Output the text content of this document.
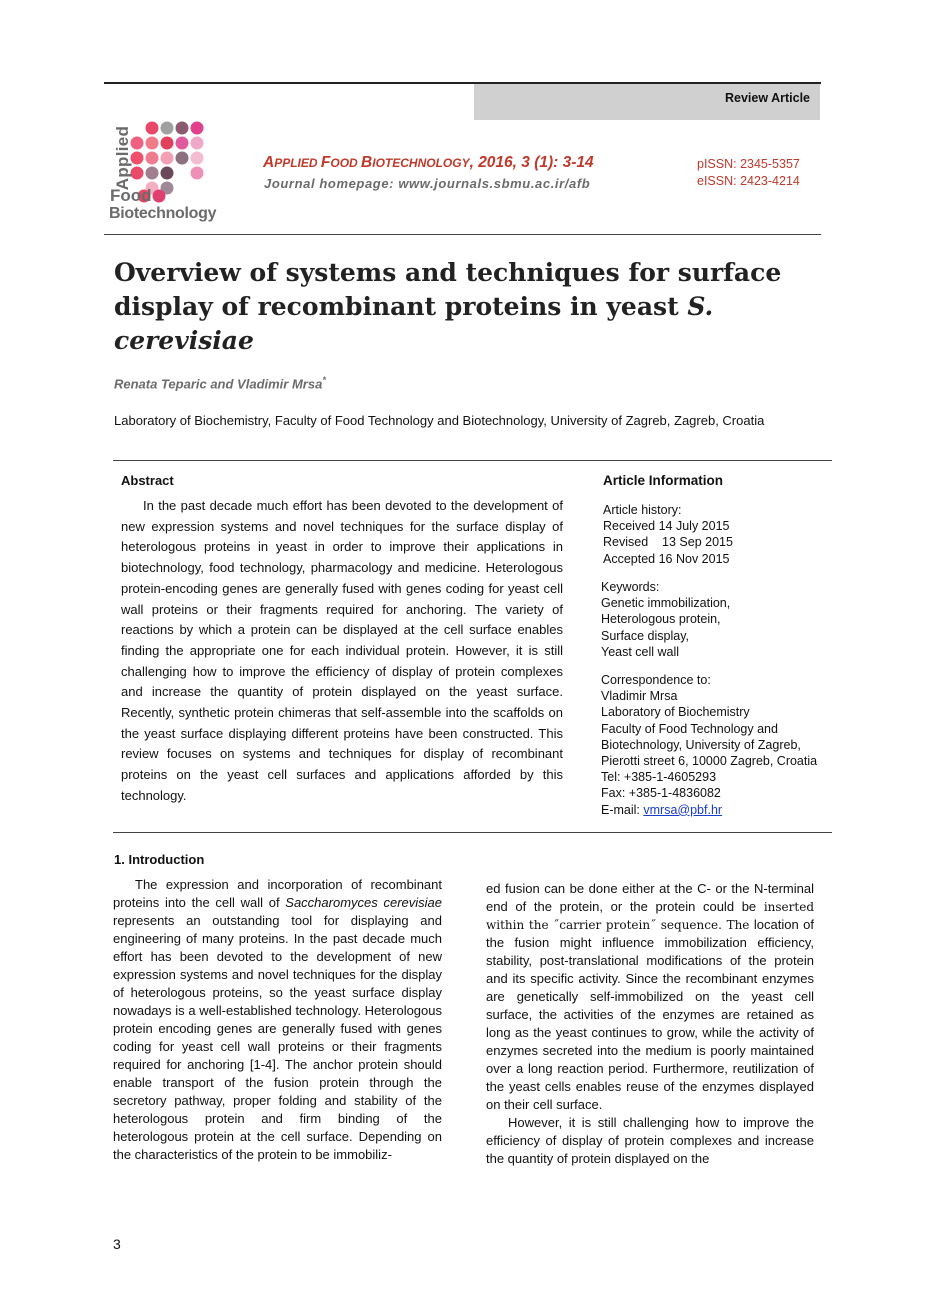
Review Article
Applied
Food
Biotechnology
APPLIED FOOD BIOTECHNOLOGY, 2016, 3 (1): 3-14
Journal homepage: www.journals.sbmu.ac.ir/afb
pISSN: 2345-5357
eISSN: 2423-4214
Overview of systems and techniques for surface display of recombinant proteins in yeast S. cerevisiae
Renata Teparic and Vladimir Mrsa*
Laboratory of Biochemistry, Faculty of Food Technology and Biotechnology, University of Zagreb, Zagreb, Croatia
Abstract

In the past decade much effort has been devoted to the development of new expression systems and novel techniques for the surface display of heterologous proteins in yeast in order to improve their applications in biotechnology, food technology, pharmacology and medicine. Heterologous protein-encoding genes are generally fused with genes coding for yeast cell wall proteins or their fragments required for anchoring. The variety of reactions by which a protein can be displayed at the cell surface enables finding the appropriate one for each individual protein. However, it is still challenging how to improve the efficiency of display of protein complexes and increase the quantity of protein displayed on the yeast surface. Recently, synthetic protein chimeras that self-assemble into the scaffolds on the yeast surface displaying different proteins have been constructed. This review focuses on systems and techniques for display of recombinant proteins on the yeast cell surfaces and applications afforded by this technology.

Article Information
Article history:
Received 14 July 2015
Revised    13 Sep 2015
Accepted 16 Nov 2015
Keywords:
Genetic immobilization,
Heterologous protein,
Surface display,
Yeast cell wall
Correspondence to:
Vladimir Mrsa
Laboratory of Biochemistry
Faculty of Food Technology and
Biotechnology, University of Zagreb,
Pierotti street 6, 10000 Zagreb, Croatia
Tel: +385-1-4605293
Fax: +385-1-4836082
E-mail: vmrsa@pbf.hr
1. Introduction

The expression and incorporation of recombinant proteins into the cell wall of Saccharomyces cerevisiae represents an outstanding tool for displaying and engineering of many proteins. In the past decade much effort has been devoted to the development of new expression systems and novel techniques for the display of heterologous proteins, so the yeast surface display nowadays is a well-established technology. Heterologous protein encoding genes are generally fused with genes coding for yeast cell wall proteins or their fragments required for anchoring [1-4]. The anchor protein should enable transport of the fusion protein through the secretory pathway, proper folding and stability of the heterologous protein and firm binding of the heterologous protein at the cell surface. Depending on the characteristics of the protein to be immobiliz-

ed fusion can be done either at the C- or the N-terminal end of the protein, or the protein could be inserted within the ˝carrier protein˝ sequence. The location of the fusion might influence immobilization efficiency, stability, post-translational modifications of the protein and its specific activity. Since the recombinant enzymes are genetically self-immobilized on the yeast cell surface, the activities of the enzymes are retained as long as the yeast continues to grow, while the activity of enzymes secreted into the medium is poorly maintained over a long reaction period. Furthermore, reutilization of the yeast cells enables reuse of the enzymes displayed on their cell surface.

However, it is still challenging how to improve the efficiency of display of protein complexes and increase the quantity of protein displayed on the

3
